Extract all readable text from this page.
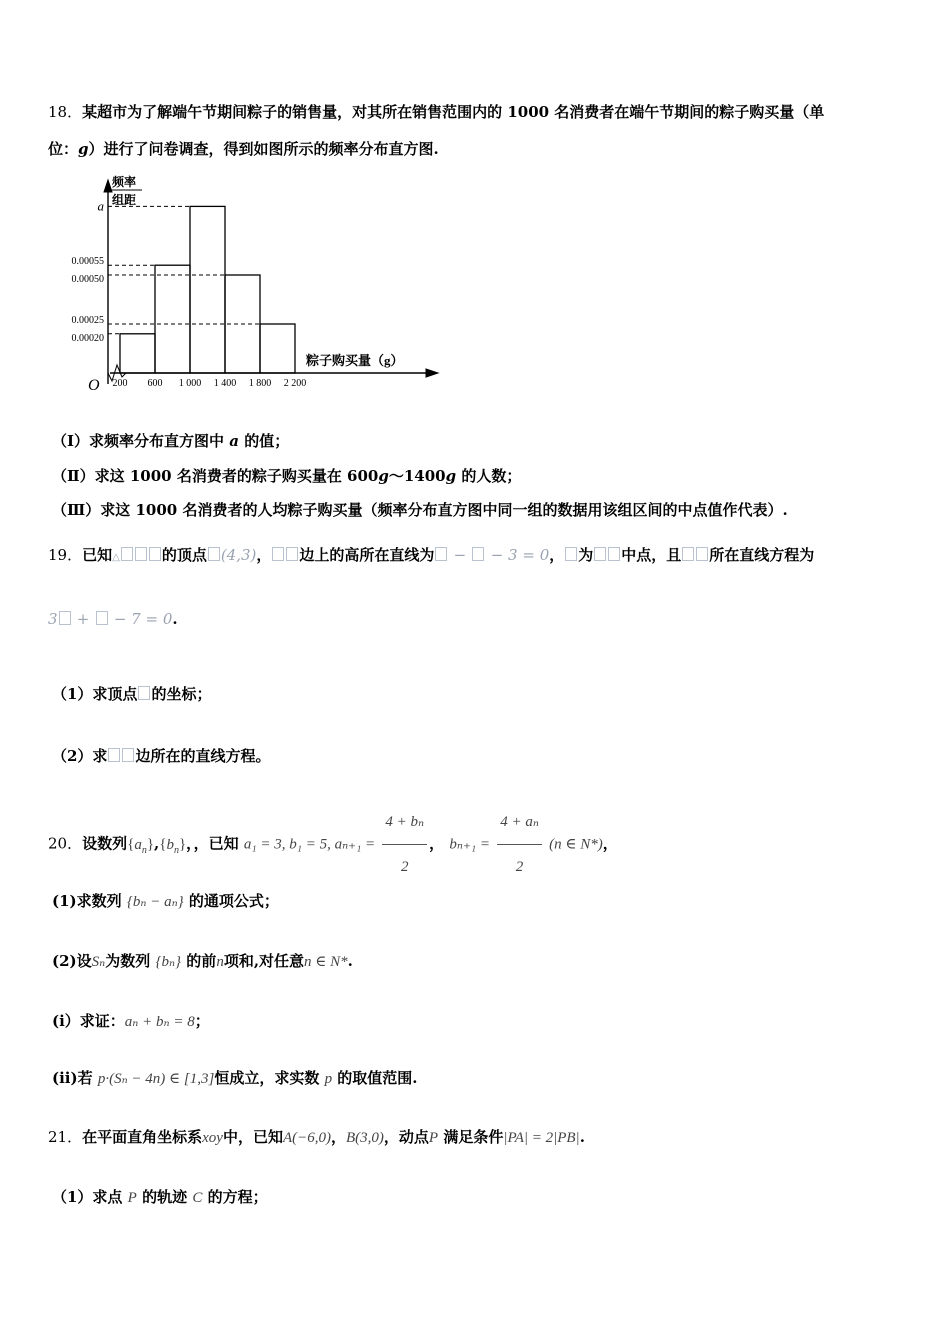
18．某超市为了解端午节期间粽子的销售量，对其所在销售范围内的 1000 名消费者在端午节期间的粽子购买量（单
位：g）进行了问卷调查，得到如图所示的频率分布直方图.
O
频率
组距
粽子购买量（g）
a
0.00055
0.00050
0.00025
0.00020
200 600 1 000 1 400 1 800 2 200
（Ⅰ）求频率分布直方图中 a 的值；
（Ⅱ）求这 1000 名消费者的粽子购买量在 600g～1400g 的人数；
（Ⅲ）求这 1000 名消费者的人均粽子购买量（频率分布直方图中同一组的数据用该组区间的中点值作代表）.
19．已知△	的顶点 (4,3)， 边上的高所在直线为 − − 3 = 0， 为 中点，且 所在直线方程为
3 + − 7 = 0.
（1）求顶点 的坐标；
（2）求 边所在的直线方程。
20．设数列$\{a_n\},\{b_n\}$，，已知 a₁ = 3, b₁ = 5, $a_{n+1} = \frac{\text{4 + bₙ}}{2}$ ， $b_{n+1} = \frac{\text{4 + aₙ}}{2} (n$ ∈ N*)，
(1)求数列 {bₙ − aₙ} 的通项公式；
(2)设Sₙ为数列 {bₙ} 的前n项和,对任意n ∈ N*.
(i）求证：aₙ + bₙ = 8；
(ii)若 p·(Sₙ − 4n) ∈ [1,3]恒成立，求实数 p 的取值范围.
21．在平面直角坐标系xoy中，已知A(−6,0)，B(3,0)，动点P 满足条件|PA| = 2|PB|.
（1）求点 P 的轨迹 C 的方程；
